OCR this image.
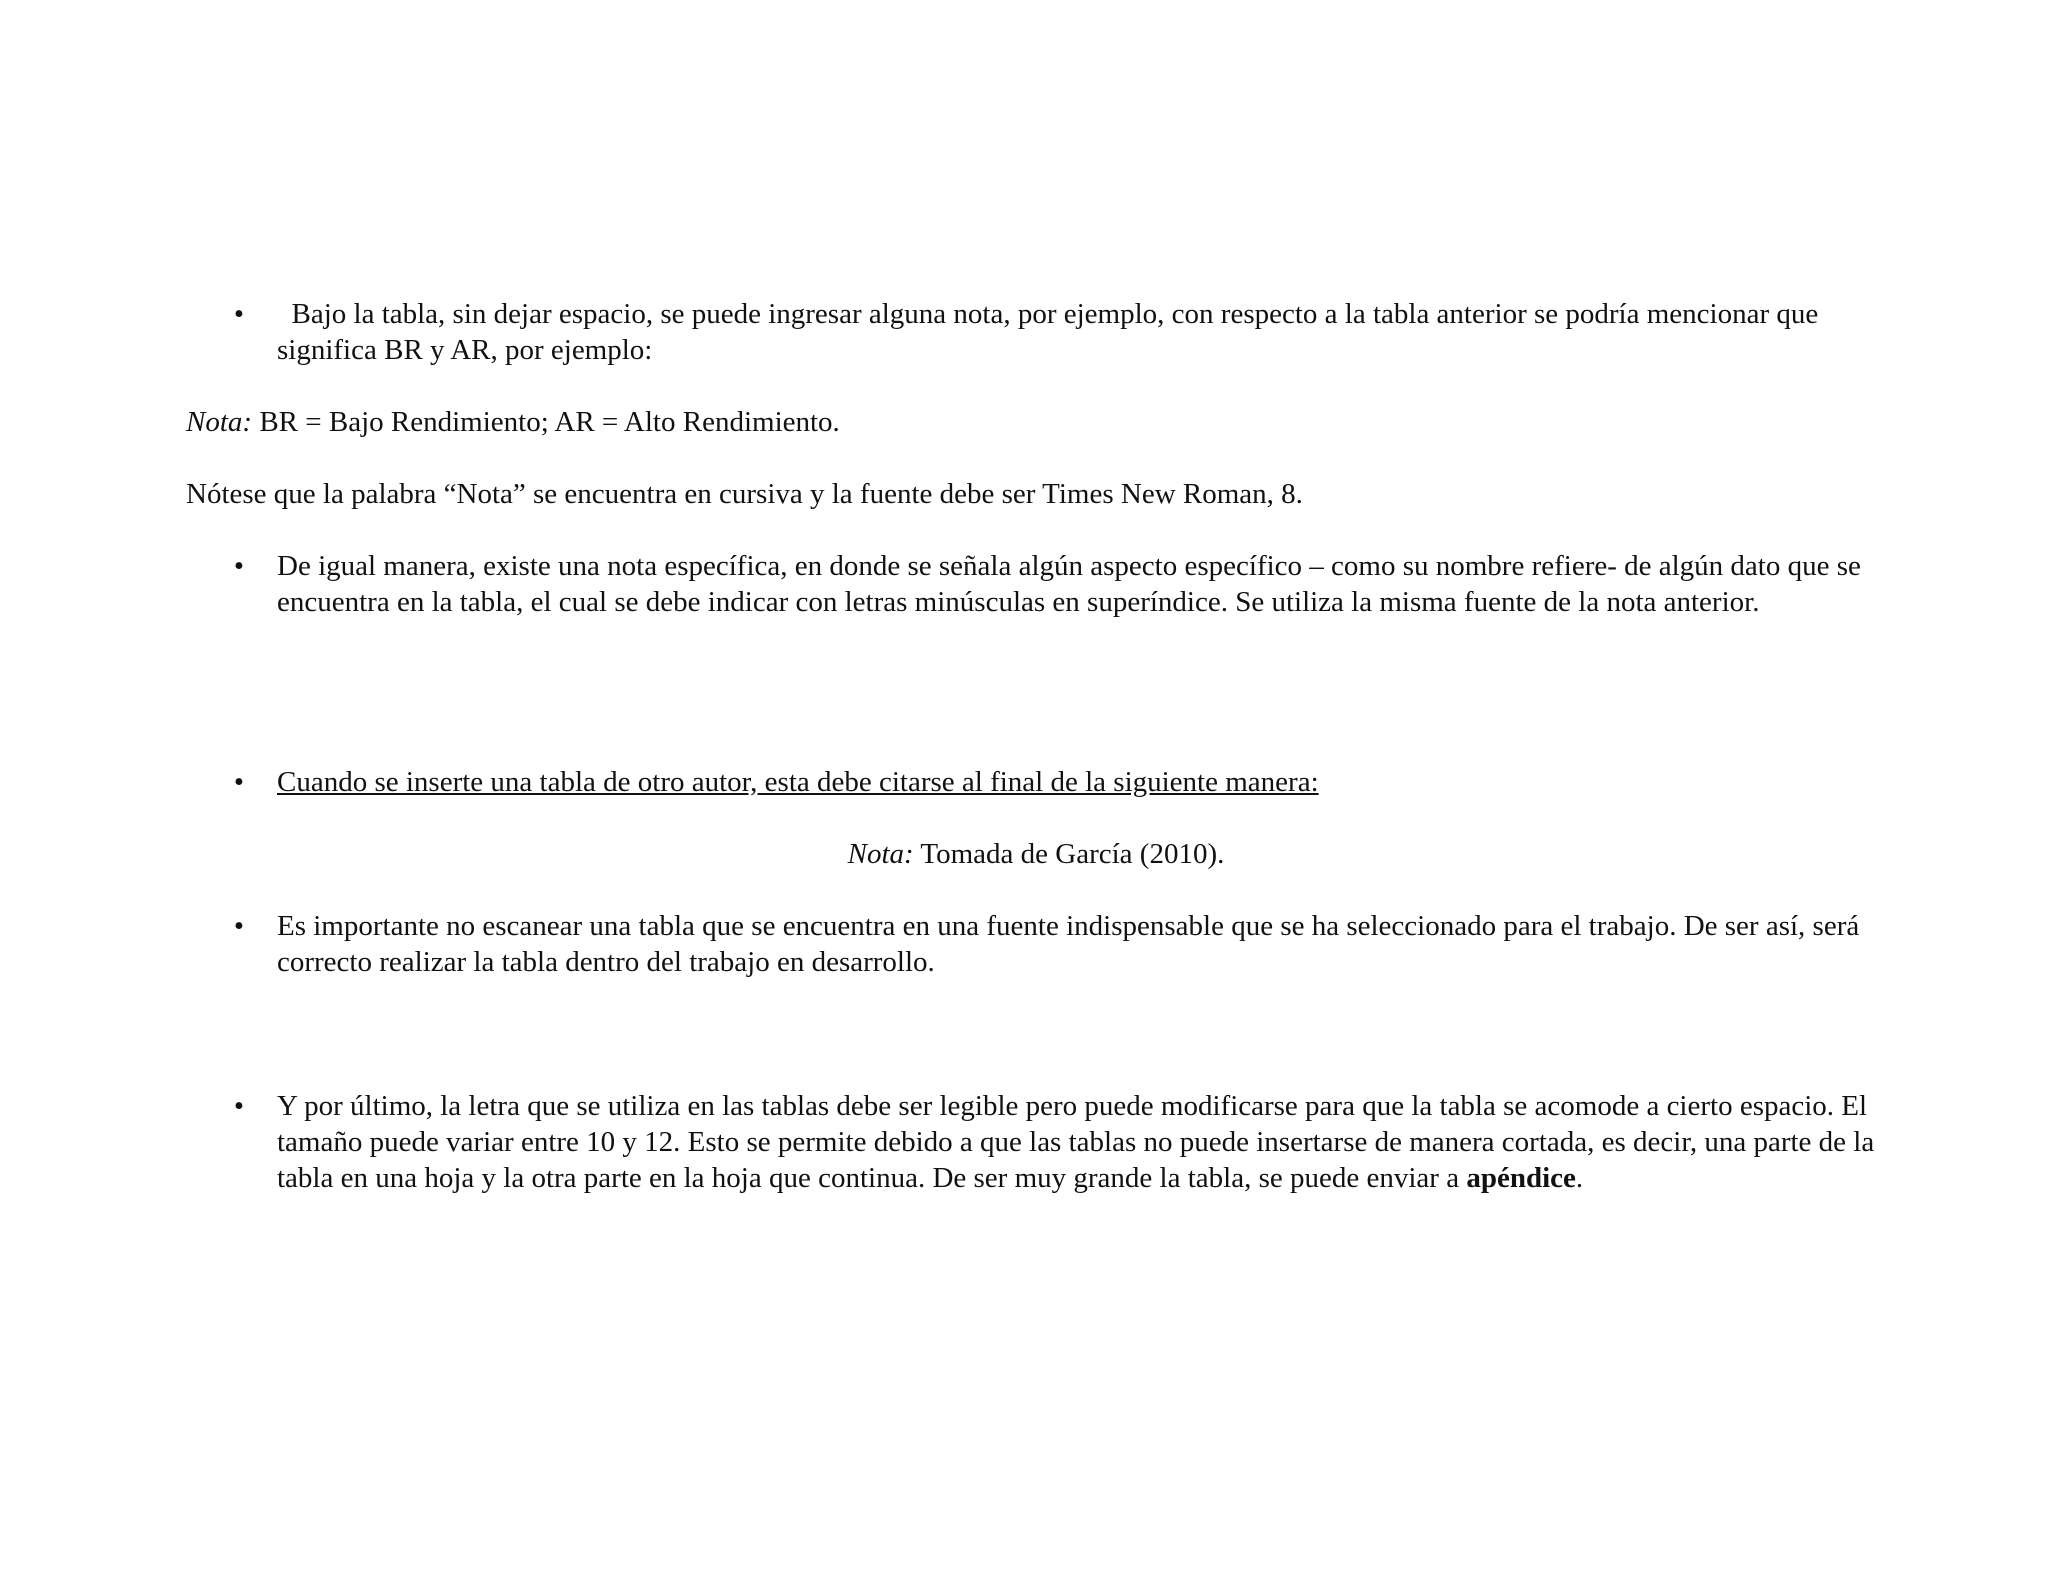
• Bajo la tabla, sin dejar espacio, se puede ingresar alguna nota, por ejemplo, con respecto a la tabla anterior se podría mencionar que significa BR y AR, por ejemplo:

Nota: BR = Bajo Rendimiento; AR = Alto Rendimiento.

Nótese que la palabra “Nota” se encuentra en cursiva y la fuente debe ser Times New Roman, 8.

• De igual manera, existe una nota específica, en donde se señala algún aspecto específico – como su nombre refiere- de algún dato que se encuentra en la tabla, el cual se debe indicar con letras minúsculas en superíndice. Se utiliza la misma fuente de la nota anterior.

• Cuando se inserte una tabla de otro autor, esta debe citarse al final de la siguiente manera:

Nota: Tomada de García (2010).

• Es importante no escanear una tabla que se encuentra en una fuente indispensable que se ha seleccionado para el trabajo. De ser así, será correcto realizar la tabla dentro del trabajo en desarrollo.

• Y por último, la letra que se utiliza en las tablas debe ser legible pero puede modificarse para que la tabla se acomode a cierto espacio. El tamaño puede variar entre 10 y 12. Esto se permite debido a que las tablas no puede insertarse de manera cortada, es decir, una parte de la tabla en una hoja y la otra parte en la hoja que continua. De ser muy grande la tabla, se puede enviar a apéndice.
